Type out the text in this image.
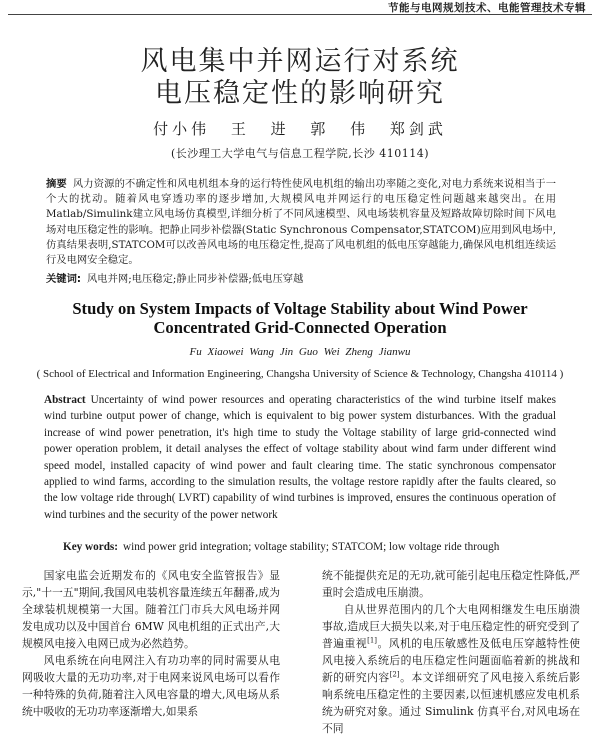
节能与电网规划技术、电能管理技术专辑
风电集中并网运行对系统
电压稳定性的影响研究
付小伟 王 进 郭 伟 郑剑武
(长沙理工大学电气与信息工程学院,长沙 410114)
摘要 风力资源的不确定性和风电机组本身的运行特性使风电机组的输出功率随之变化,对电力系统来说相当于一个大的扰动。随着风电穿透功率的逐步增加,大规模风电并网运行的电压稳定性问题越来越突出。在用Matlab/Simulink建立风电场仿真模型,详细分析了不同风速模型、风电场装机容量及短路故障切除时间下风电场对电压稳定性的影响。把静止同步补偿器(Static Synchronous Compensator,STATCOM)应用到风电场中,仿真结果表明,STATCOM可以改善风电场的电压稳定性,提高了风电机组的低电压穿越能力,确保风电机组连续运行及电网安全稳定。
关键词: 风电并网;电压稳定;静止同步补偿器;低电压穿越
Study on System Impacts of Voltage Stability about Wind Power
Concentrated Grid-Connected Operation
Fu Xiaowei Wang Jin Guo Wei Zheng Jianwu
( School of Electrical and Information Engineering, Changsha University of Science & Technology, Changsha 410114 )
Abstract Uncertainty of wind power resources and operating characteristics of the wind turbine itself makes wind turbine output power of change, which is equivalent to big power system disturbances. With the gradual increase of wind power penetration, it's high time to study the Voltage stability of large grid-connected wind power operation problem, it detail analyses the effect of voltage stability about wind farm under different wind speed model, installed capacity of wind power and fault clearing time. The static synchronous compensator applied to wind farms, according to the simulation results, the voltage restore rapidly after the faults cleared, so the low voltage ride through( LVRT) capability of wind turbines is improved, ensures the continuous operation of wind turbines and the security of the power network
Key words: wind power grid integration; voltage stability; STATCOM; low voltage ride through

国家电监会近期发布的《风电安全监管报告》显示,"十一五"期间,我国风电装机容量连续五年翻番,成为全球装机规模第一大国。随着江门市兵大风电场并网发电成功以及中国首台 6MW 风电机组的正式出产,大规模风电接入电网已成为必然趋势。

风电系统在向电网注入有功功率的同时需要从电网吸收大量的无功功率,对于电网来说风电场可以看作一种特殊的负荷,随着注入风电容量的增大,风电场从系统中吸收的无功功率逐渐增大,如果系

统不能提供充足的无功,就可能引起电压稳定性降低,严重时会造成电压崩溃。

自从世界范围内的几个大电网相继发生电压崩溃事故,造成巨大损失以来,对于电压稳定性的研究受到了普遍重视[1]。风机的电压敏感性及低电压穿越特性使风电接入系统后的电压稳定性问题面临着新的挑战和新的研究内容[2]。本文详细研究了风电接入系统后影响系统电压稳定性的主要因素,以恒速机感应发电机系统为研究对象。通过 Simulink 仿真平台,对风电场在不同
